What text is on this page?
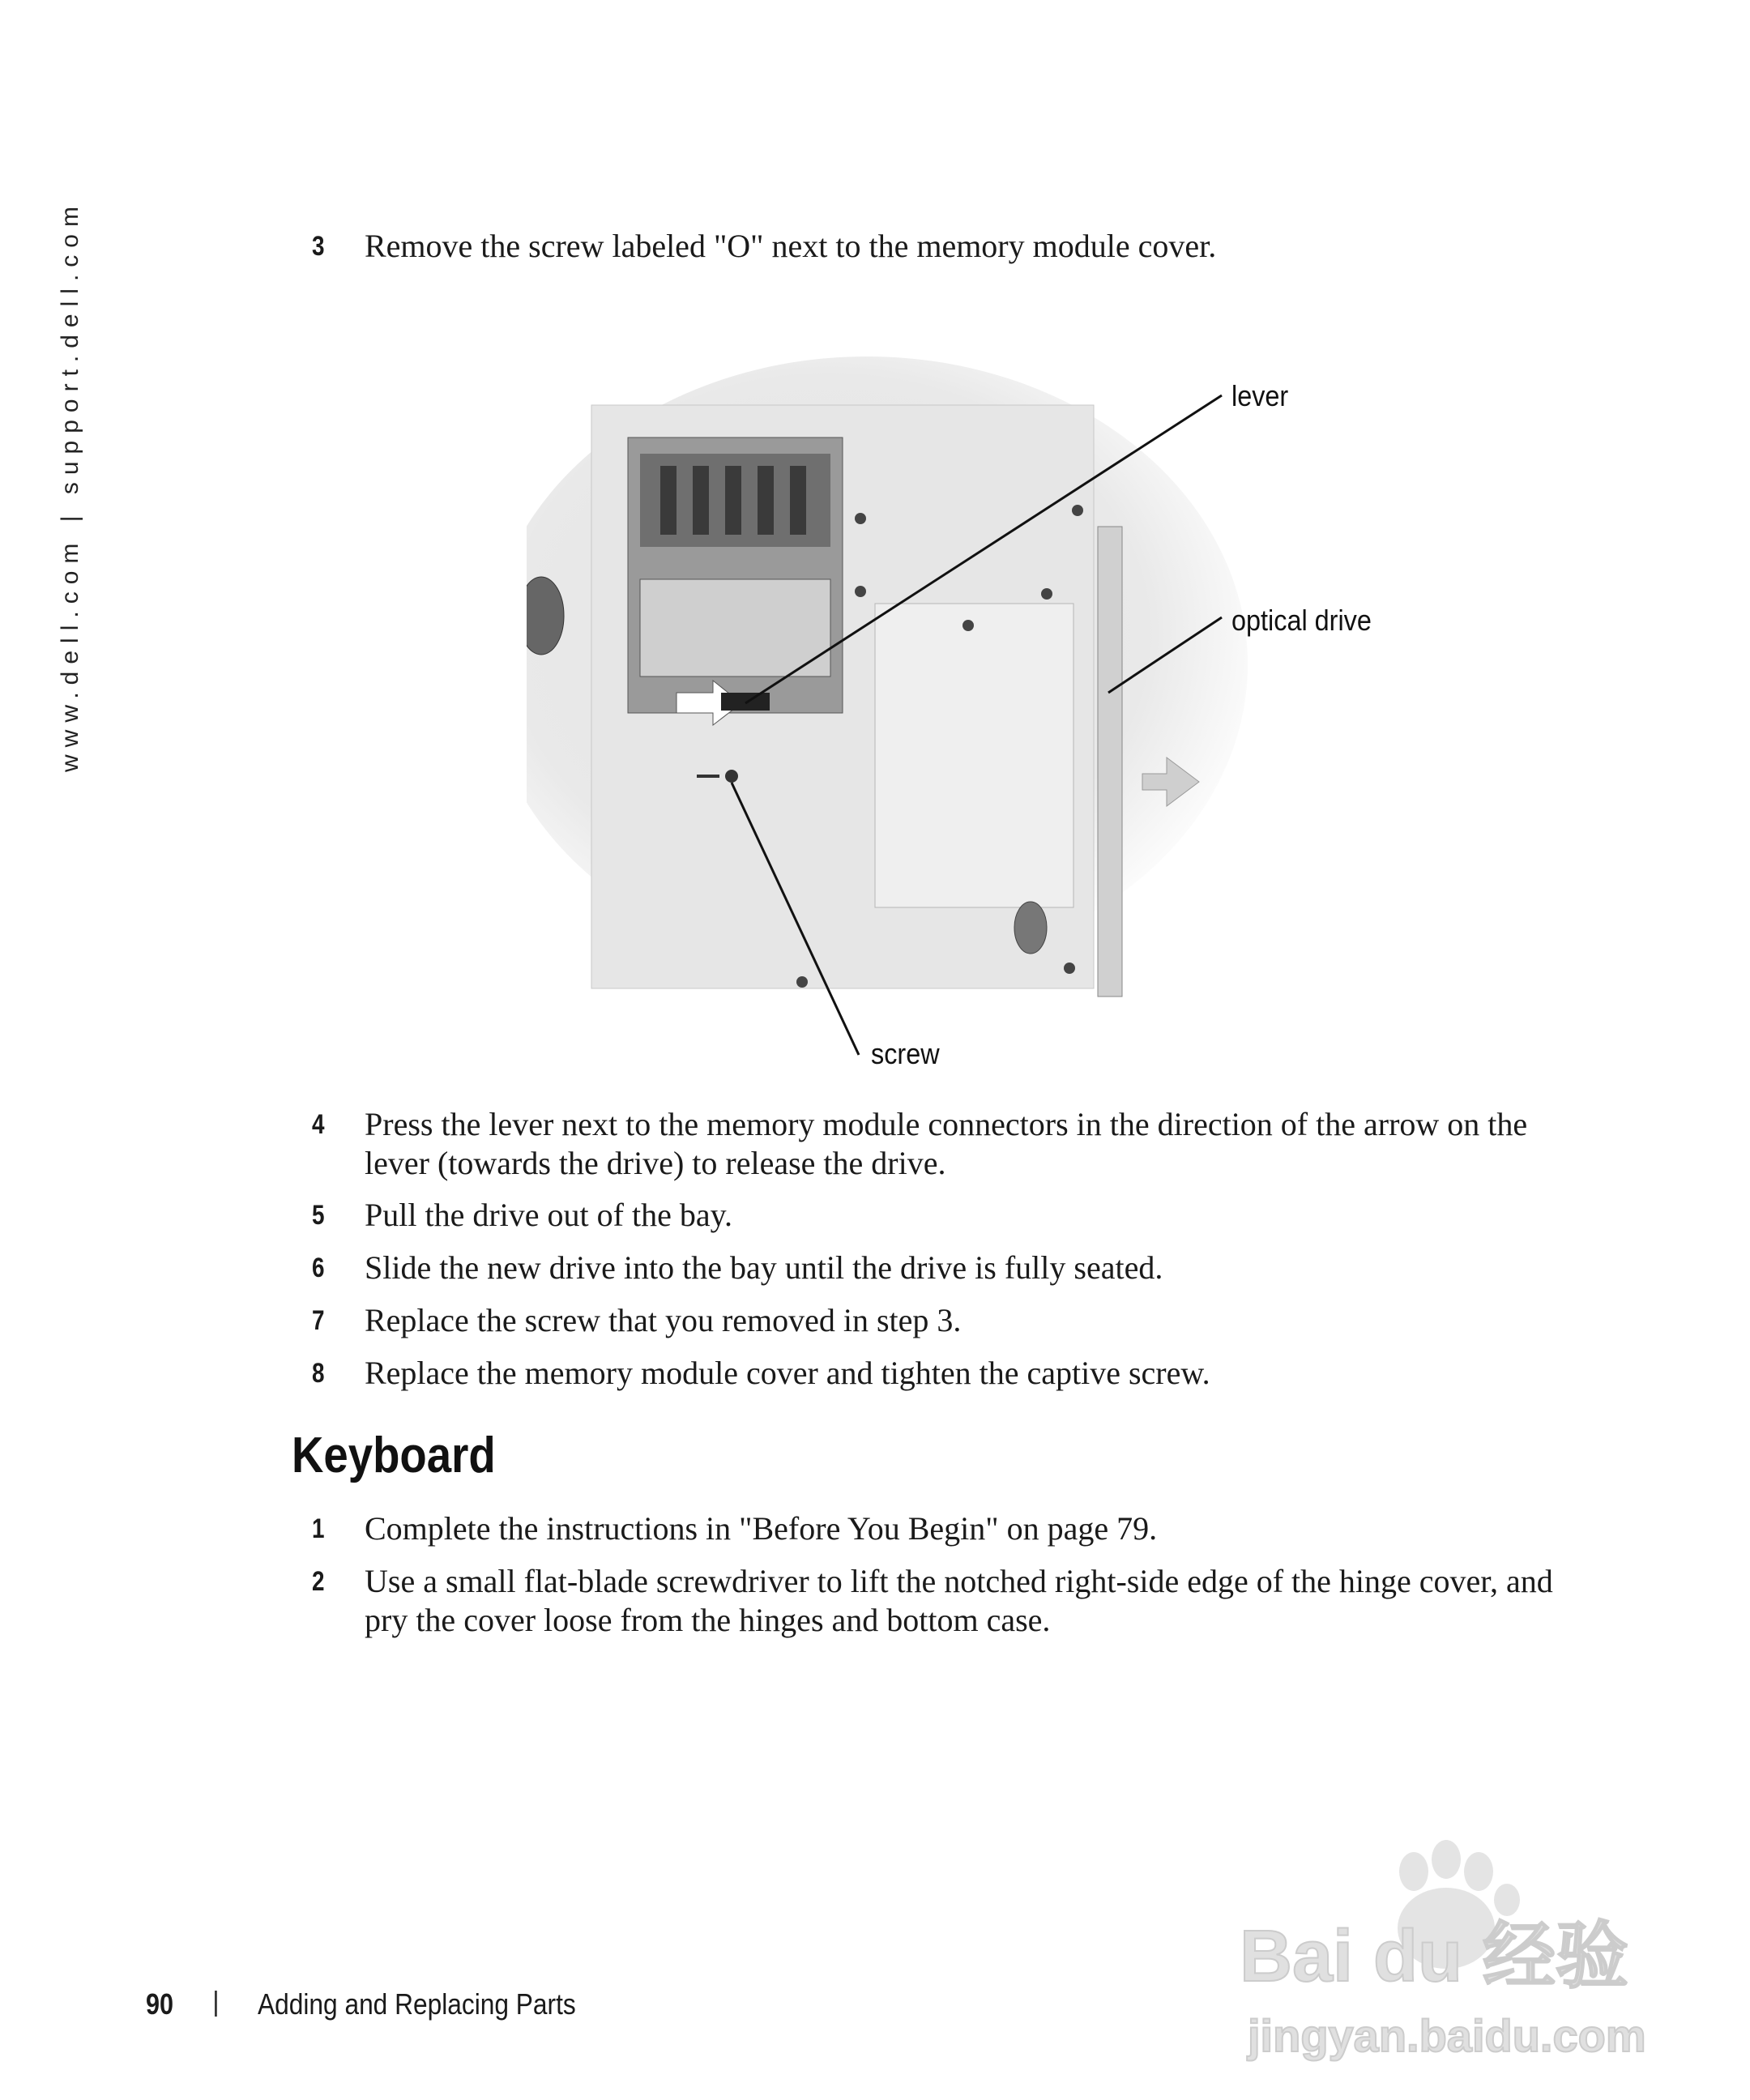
www.dell.com | support.dell.com	3 Remove the screw labeled "O" next to the memory module cover.
lever
optical drive
screw
4 Press the lever next to the memory module connectors in the direction of the arrow on the lever (towards the drive) to release the drive.
5 Pull the drive out of the bay.
6 Slide the new drive into the bay until the drive is fully seated.
7 Replace the screw that you removed in step 3.
8 Replace the memory module cover and tighten the captive screw.
Keyboard
1 Complete the instructions in "Before You Begin" on page 79.
2 Use a small flat-blade screwdriver to lift the notched right-side edge of the hinge cover, and pry the cover loose from the hinges and bottom case.
90 | Adding and Replacing Parts
Bai du 经验
jingyan.baidu.com
